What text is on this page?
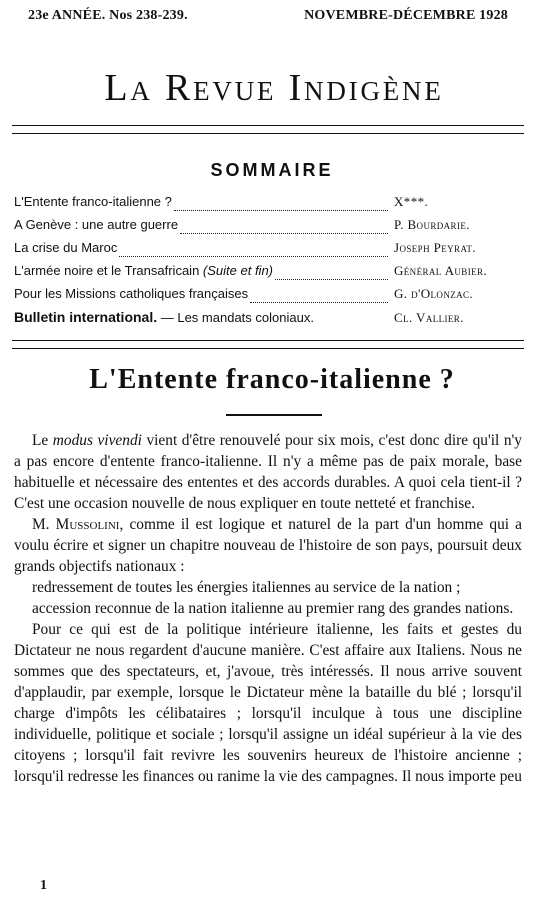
23e ANNÉE. Nos 238-239.	NOVEMBRE-DÉCEMBRE 1928
La Revue Indigène
SOMMAIRE
L'Entente franco-italienne ?	X***.
A Genève : une autre guerre	P. Bourdarie.
La crise du Maroc	Joseph Peyrat.
L'armée noire et le Transafricain (Suite et fin)	Général Aubier.
Pour les Missions catholiques françaises	G. d'Olonzac.
Bulletin international. — Les mandats coloniaux.	Cl. Vallier.
L'Entente franco-italienne ?

Le modus vivendi vient d'être renouvelé pour six mois, c'est donc dire qu'il n'y a pas encore d'entente franco-italienne. Il n'y a même pas de paix morale, base habituelle et nécessaire des ententes et des accords durables. A quoi cela tient-il ? C'est une occasion nouvelle de nous expliquer en toute netteté et franchise.

M. Mussolini, comme il est logique et naturel de la part d'un homme qui a voulu écrire et signer un chapitre nouveau de l'histoire de son pays, poursuit deux grands objectifs nationaux :

redressement de toutes les énergies italiennes au service de la nation ;

accession reconnue de la nation italienne au premier rang des grandes nations.

Pour ce qui est de la politique intérieure italienne, les faits et gestes du Dictateur ne nous regardent d'aucune manière. C'est affaire aux Italiens. Nous ne sommes que des spectateurs, et, j'avoue, très intéressés. Il nous arrive souvent d'applaudir, par exemple, lorsque le Dictateur mène la bataille du blé ; lorsqu'il charge d'impôts les célibataires ; lorsqu'il inculque à tous une discipline individuelle, politique et sociale ; lorsqu'il assigne un idéal supérieur à la vie des citoyens ; lorsqu'il fait revivre les souvenirs heureux de l'histoire ancienne ; lorsqu'il redresse les finances ou ranime la vie des campagnes. Il nous importe peu

1
